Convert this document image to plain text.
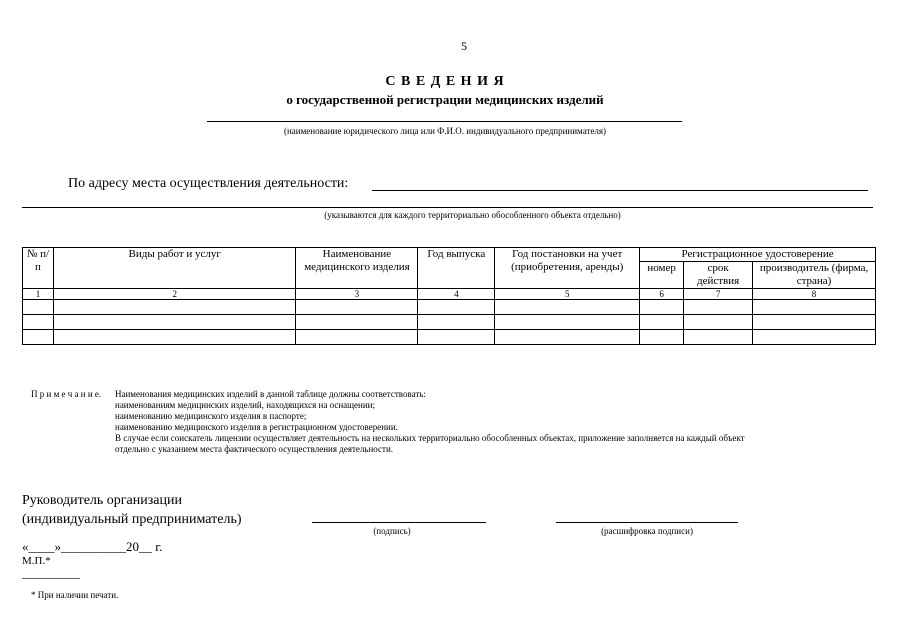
5
С В Е Д Е Н И Я
о государственной регистрации медицинских изделий
(наименование юридического лица или Ф.И.О. индивидуального предпринимателя)
По адресу места осуществления деятельности:
(указываются для каждого территориально обособленного объекта отдельно)
№ п/п	Виды работ и услуг	Наименование медицинского изделия	Год выпуска	Год постановки на учет (приобретения, аренды)	Регистрационное удостоверение		
					номер	срок действия	производитель (фирма, страна)
1	2	3	4	5	6	7	8

П р и м е ч а н и е. Наименования медицинских изделий в данной таблице должны соответствовать:
наименованиям медицинских изделий, находящихся на оснащении;
наименованию медицинского изделия в паспорте;
наименованию медицинского изделия в регистрационном удостоверении.
В случае если соискатель лицензии осуществляет деятельность на нескольких территориально обособленных объектах, приложение заполняется на каждый объект
отдельно с указанием места фактического осуществления деятельности.
Руководитель организации
(индивидуальный предприниматель)
(подпись)	(расшифровка подписи)
«____»__________20__ г.
М.П.*
* При наличии печати.
